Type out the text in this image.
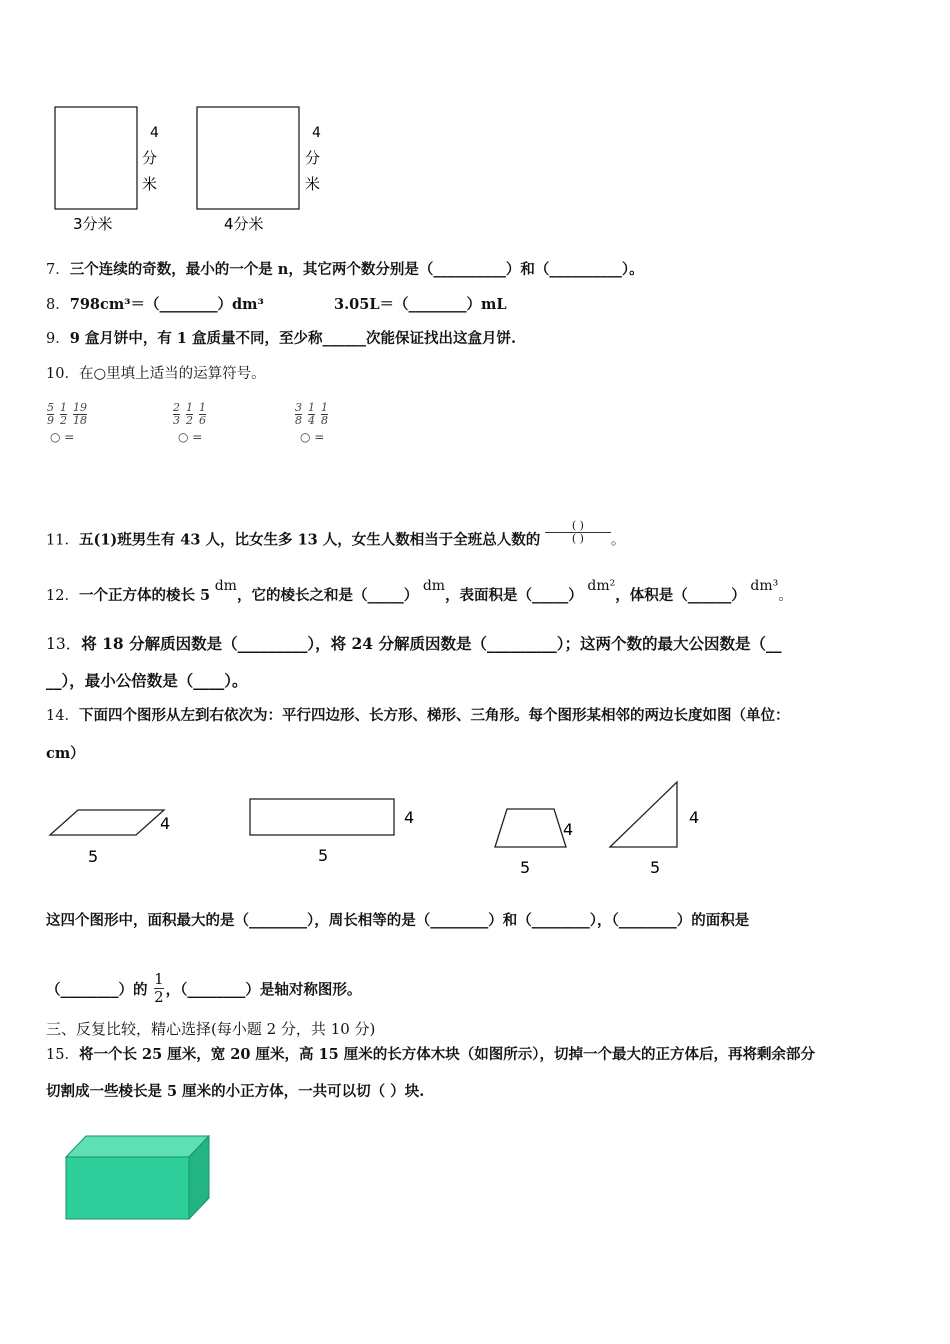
4
分
米
3分米
4
分
米
4分米
7．三个连续的奇数，最小的一个是 n，其它两个数分别是（__________）和（__________）。
8．798cm³＝（________）dm³	3.05L＝（________）mL
9．9 盒月饼中，有 1 盒质量不同，至少称______次能保证找出这盒月饼.
10．在○里填上适当的运算符号。
$\frac{5}{9} \frac{1}{2} \frac{19}{18}$
○ =
$\frac{2}{3} \frac{1}{2} \frac{1}{6}$
○ =
$\frac{3}{8} \frac{1}{4} \frac{1}{8}$
○ =
11．五(1)班男生有 43 人，比女生多 13 人，女生人数相当于全班总人数的 $\frac{( )}{( )}$。
12．一个正方体的棱长 5 dm，它的棱长之和是（_____） dm，表面积是（_____） dm²，体积是（______） dm³。
13．将 18 分解质因数是（_________），将 24 分解质因数是（_________）；这两个数的最大公因数是（__
__），最小公倍数是（____）。
14．下面四个图形从左到右依次为：平行四边形、长方形、梯形、三角形。每个图形某相邻的两边长度如图（单位：
cm）
4
5
4
5
4
5
4
5
这四个图形中，面积最大的是（________），周长相等的是（________）和（________），（________）的面积是
（________）的 $\frac{1}{2}$，（________）是轴对称图形。
三、反复比较，精心选择(每小题 2 分，共 10 分)
15．将一个长 25 厘米，宽 20 厘米，高 15 厘米的长方体木块（如图所示），切掉一个最大的正方体后，再将剩余部分
切割成一些棱长是 5 厘米的小正方体，一共可以切（ ）块.
